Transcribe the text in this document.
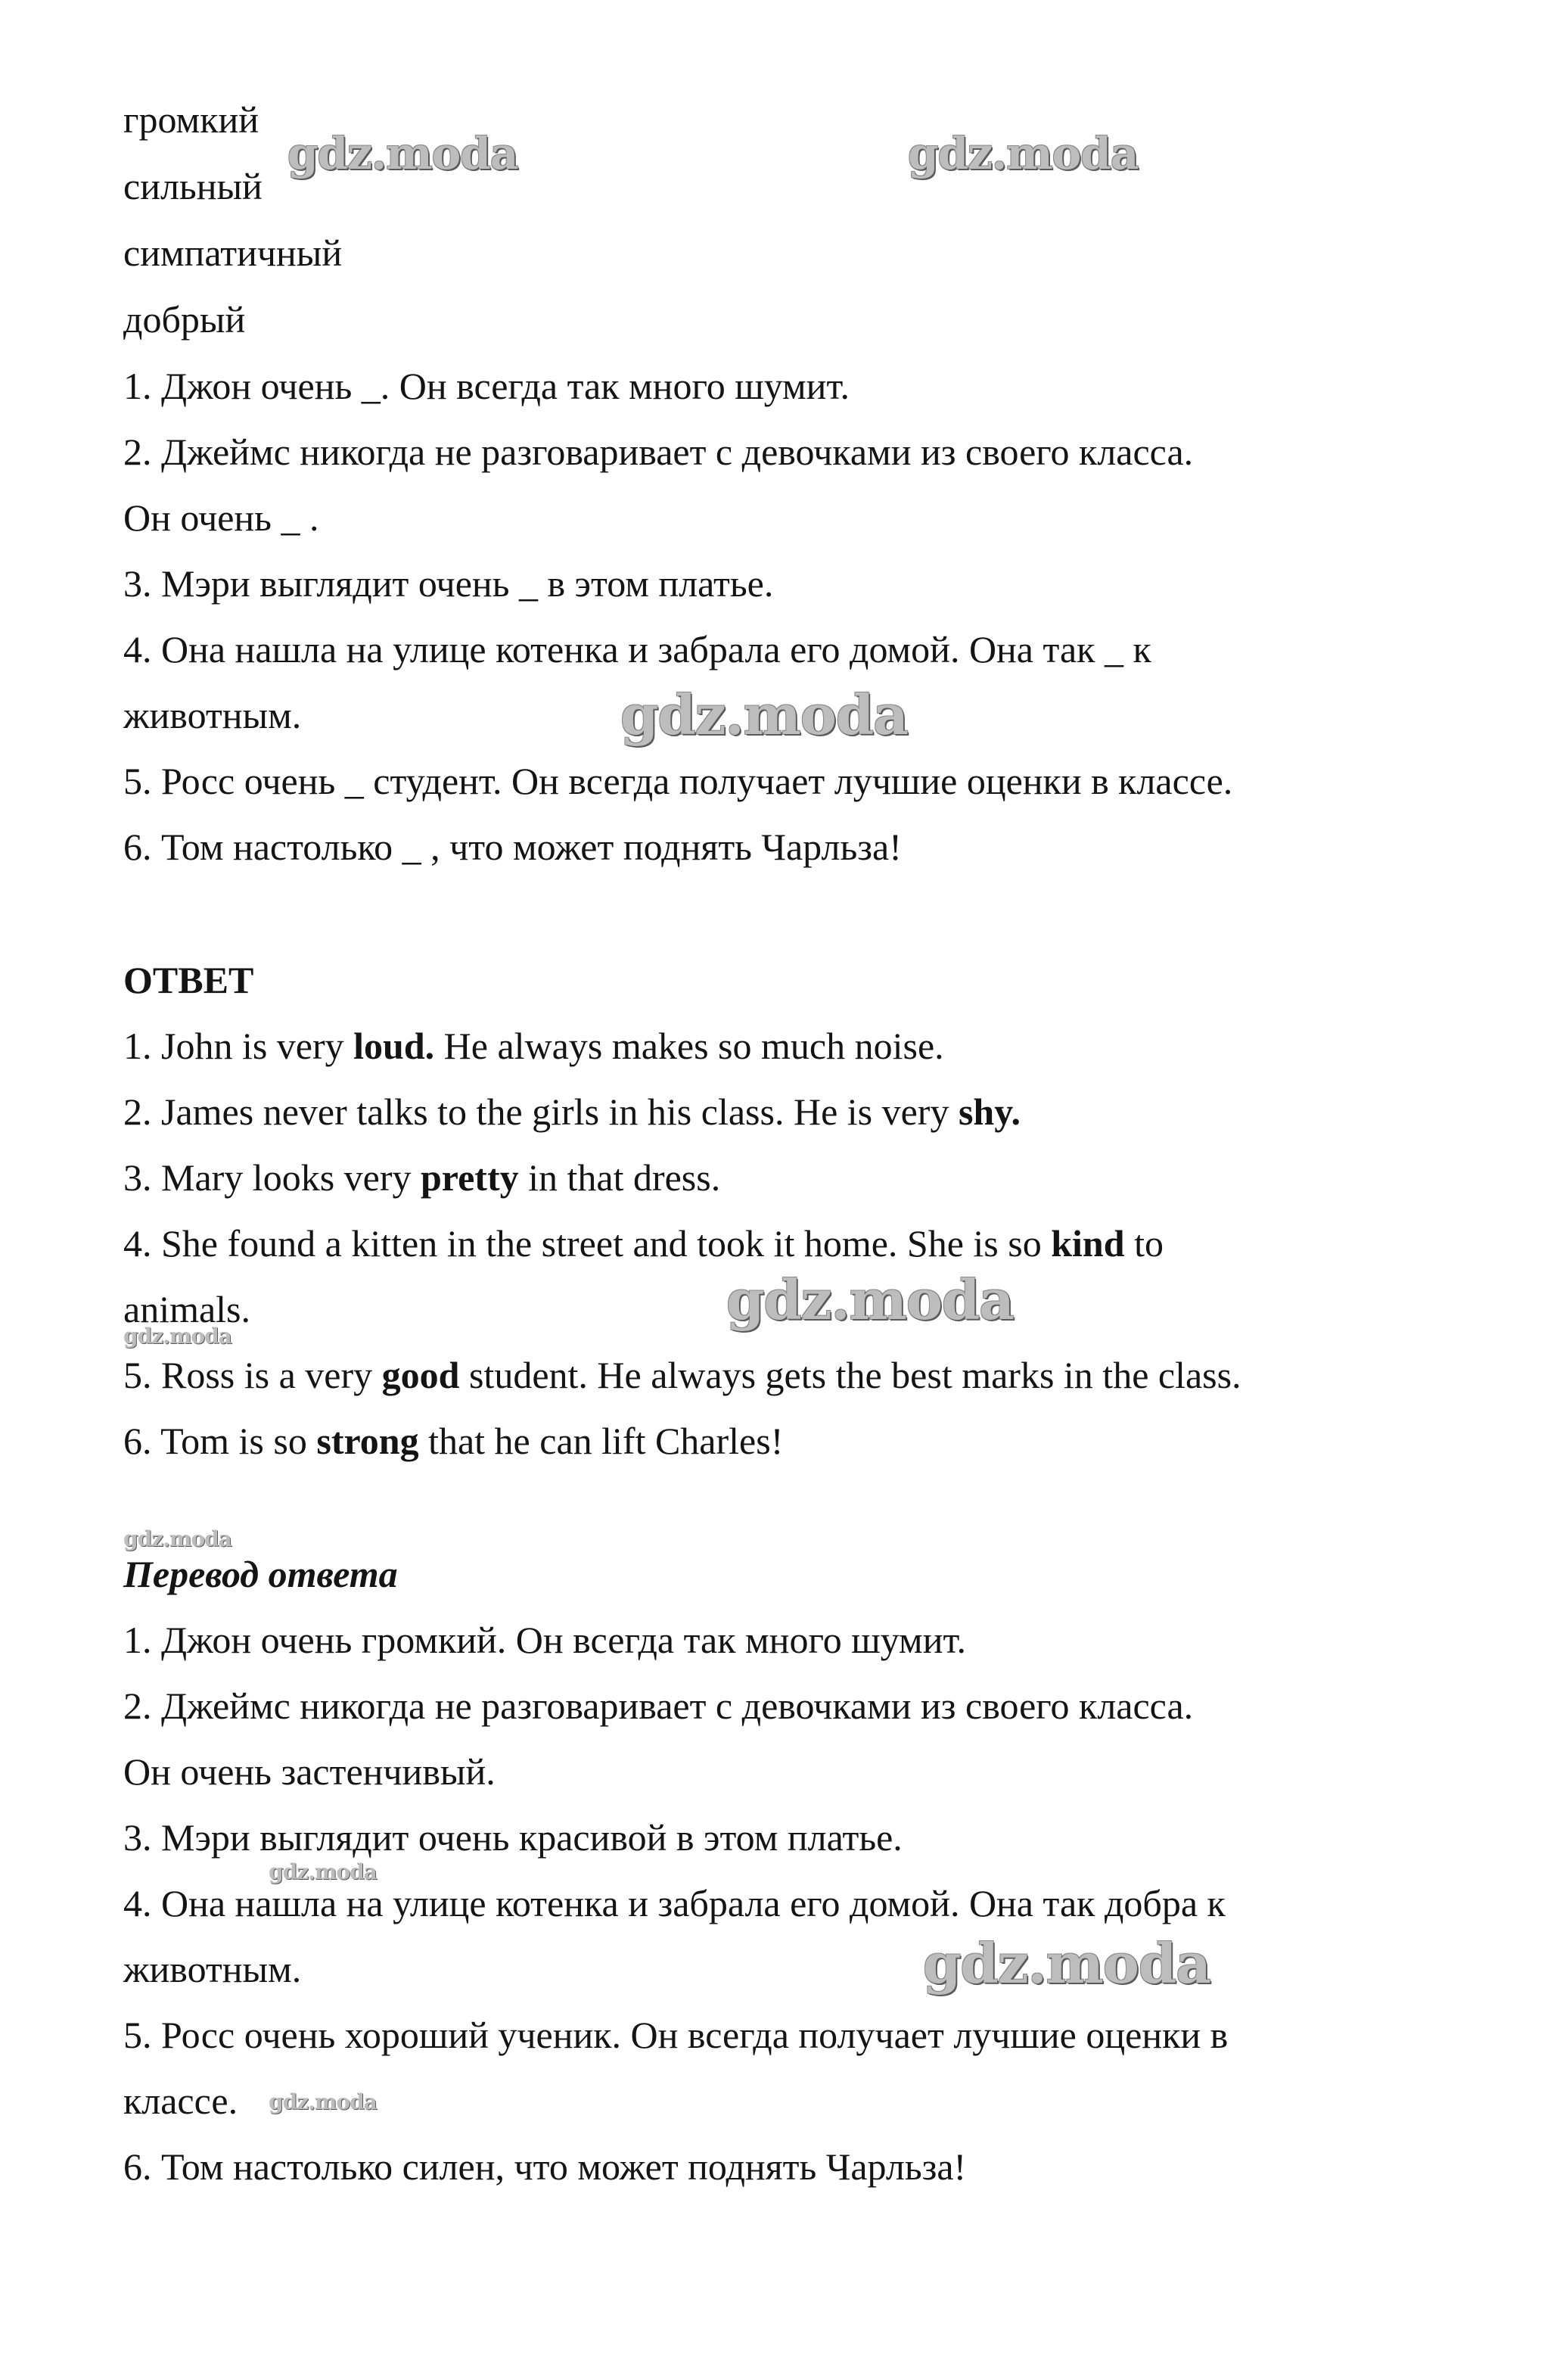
громкий
сильный
симпатичный
добрый
1. Джон очень _. Он всегда так много шумит.
2. Джеймс никогда не разговаривает с девочками из своего класса.
Он очень _ .
3. Мэри выглядит очень _ в этом платье.
4. Она нашла на улице котенка и забрала его домой. Она так _ к
животным.
5. Росс очень _ студент. Он всегда получает лучшие оценки в классе.
6. Том настолько _ , что может поднять Чарльза!
ОТВЕТ
1. John is very loud. He always makes so much noise.
2. James never talks to the girls in his class. He is very shy.
3. Mary looks very pretty in that dress.
4. She found a kitten in the street and took it home. She is so kind to
animals.
5. Ross is a very good student. He always gets the best marks in the class.
6. Tom is so strong that he can lift Charles!
Перевод ответа
1. Джон очень громкий. Он всегда так много шумит.
2. Джеймс никогда не разговаривает с девочками из своего класса.
Он очень застенчивый.
3. Мэри выглядит очень красивой в этом платье.
4. Она нашла на улице котенка и забрала его домой. Она так добра к
животным.
5. Росс очень хороший ученик. Он всегда получает лучшие оценки в
классе.
6. Том настолько силен, что может поднять Чарльза!
gdz.moda	gdz.moda
gdz.moda
gdz.moda
gdz.moda
gdz.moda
gdz.moda
gdz.moda
gdz.moda
